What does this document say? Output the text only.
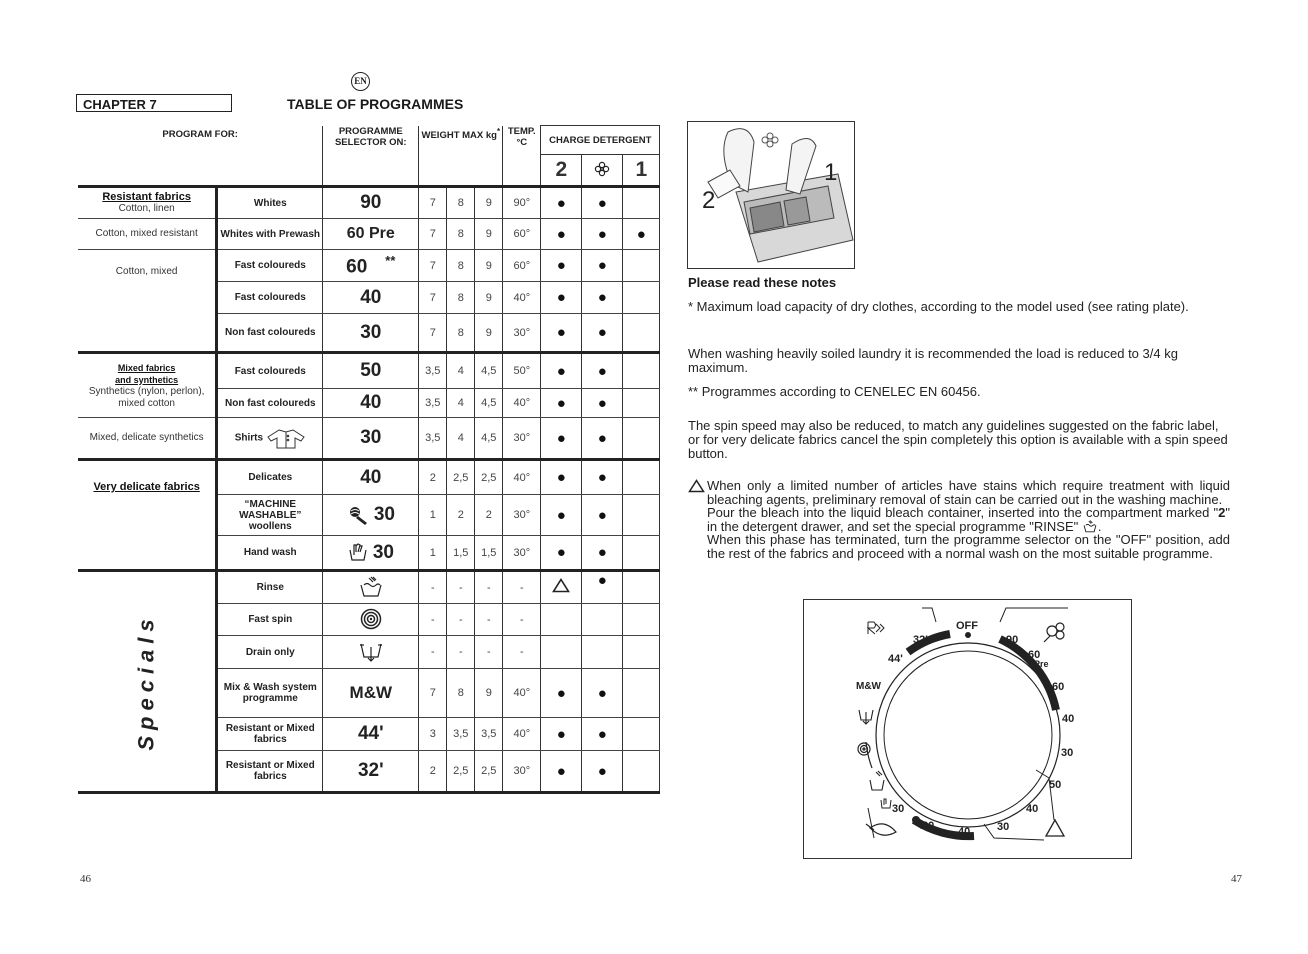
EN
CHAPTER 7	TABLE OF PROGRAMMES
PROGRAM FOR:		PROGRAMME SELECTOR ON:	WEIGHT MAX kg*			TEMP. °C	CHARGE DETERGENT		
							2		1

Resistant fabrics
Cotton, linen	Whites	90	7	8	9	90°	●	●	
Cotton, mixed resistant	Whites with Prewash	60 Pre	7	8	9	60°	●	●	●
Cotton, mixed	Fast coloureds	60 **	7	8	9	60°	●	●	
	Fast coloureds	40	7	8	9	40°	●	●	
	Non fast coloureds	30	7	8	9	30°	●	●	

Mixed fabrics
and synthetics
Synthetics (nylon, perlon), mixed cotton	Fast coloureds	50	3,5	4	4,5	50°	●	●	
	Non fast coloureds	40	3,5	4	4,5	40°	●	●	
Mixed, delicate synthetics	Shirts	30	3,5	4	4,5	30°	●	●	
Very delicate fabrics	Delicates	40	2	2,5	2,5	40°	●	●	
	“MACHINE WASHABLE” woollens	30	1	2	2	30°	●	●	
	Hand wash	30	1	1,5	1,5	30°	●	●	
Specials	Rinse		-	-	-	-		●	
	Fast spin		-	-	-	-			
	Drain only		-	-	-	-			
	Mix & Wash system programme	M&W	7	8	9	40°	●	●	
	Resistant or Mixed fabrics	44'	3	3,5	3,5	40°	●	●	
	Resistant or Mixed fabrics	32'	2	2,5	2,5	30°	●	●	
1
2
Please read these notes
* Maximum load capacity of dry clothes, according to the model used (see rating plate).
When washing heavily soiled laundry it is recommended the load is reduced to 3/4 kg maximum.
** Programmes according to CENELEC EN 60456.
The spin speed may also be reduced, to match any guidelines suggested on the fabric label, or for very delicate fabrics cancel the spin completely this option is available with a spin speed button.
When only a limited number of articles have stains which require treatment with liquid bleaching agents, preliminary removal of stain can be carried out in the washing machine.
Pour the bleach into the liquid bleach container, inserted into the compartment marked "2" in the detergent drawer, and set the special programme "RINSE" .
When this phase has terminated, turn the programme selector on the "OFF" position, add the rest of the fabrics and proceed with a normal wash on the most suitable programme.
OFF
90
60
Pre
60
40
30
50
40
30
40
30
30
M&W
44'
32'
46	47
